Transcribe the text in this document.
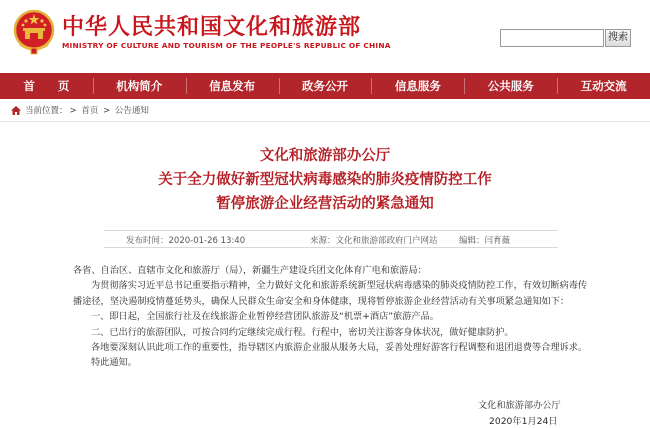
中华人民共和国文化和旅游部
MINISTRY OF CULTURE AND TOURISM OF THE PEOPLE'S REPUBLIC OF CHINA
搜索
首　　页	机构简介	信息发布	政务公开	信息服务	公共服务	互动交流
当前位置： > 首页 > 公告通知
文化和旅游部办公厅
关于全力做好新型冠状病毒感染的肺炎疫情防控工作
暂停旅游企业经营活动的紧急通知
发布时间：2020-01-26 13:40	来源：文化和旅游部政府门户网站	编辑：闫育薇

各省、自治区、直辖市文化和旅游厅（局），新疆生产建设兵团文化体育广电和旅游局：

为贯彻落实习近平总书记重要指示精神，全力做好文化和旅游系统新型冠状病毒感染的肺炎疫情防控工作，有效切断病毒传播途径，坚决遏制疫情蔓延势头，确保人民群众生命安全和身体健康，现将暂停旅游企业经营活动有关事项紧急通知如下：

一、即日起，全国旅行社及在线旅游企业暂停经营团队旅游及“机票+酒店”旅游产品。

二、已出行的旅游团队，可按合同约定继续完成行程。行程中，密切关注游客身体状况，做好健康防护。

各地要深刻认识此项工作的重要性，指导辖区内旅游企业服从服务大局，妥善处理好游客行程调整和退团退费等合理诉求。

特此通知。

文化和旅游部办公厅
2020年1月24日
